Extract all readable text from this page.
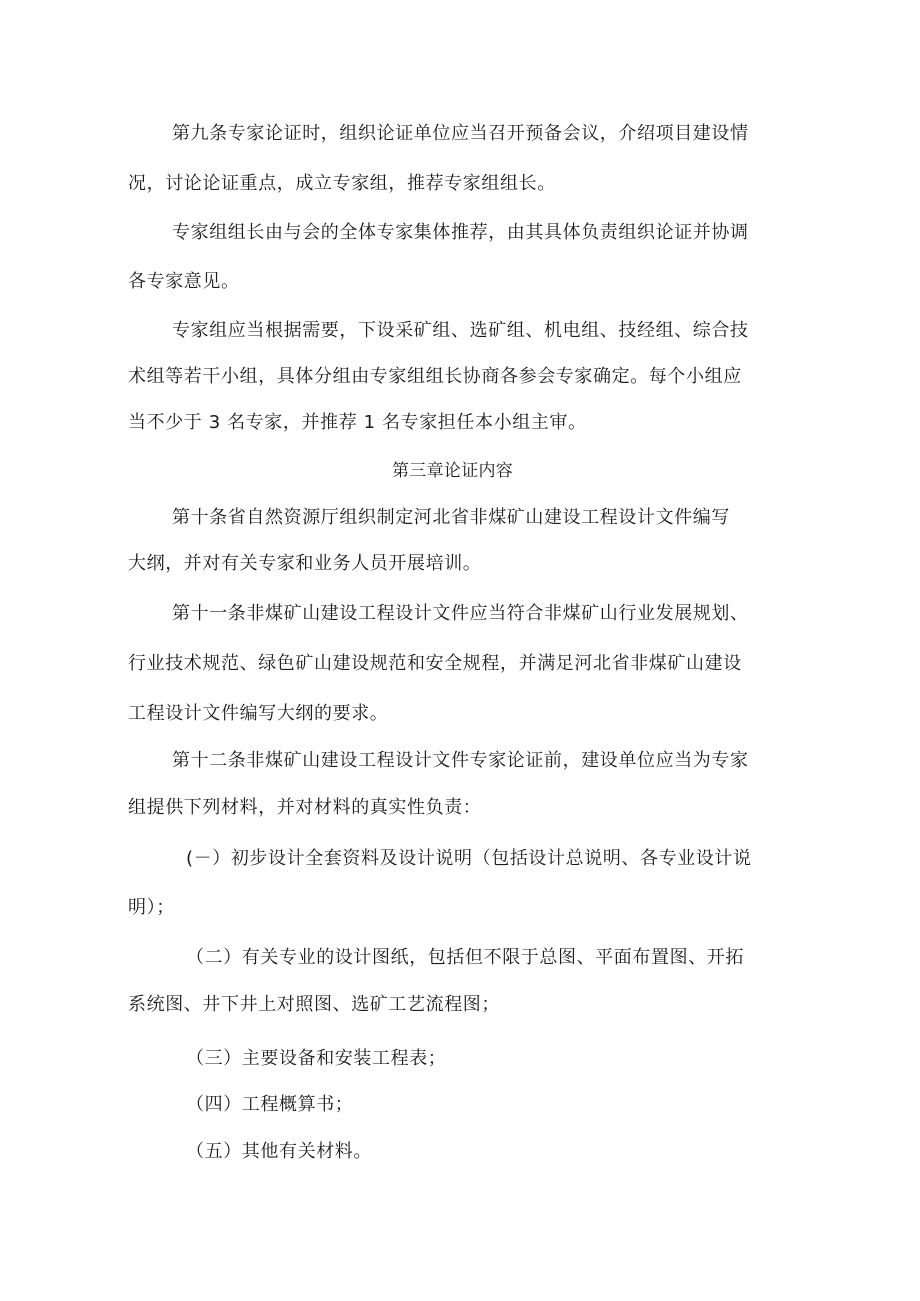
第九条专家论证时，组织论证单位应当召开预备会议，介绍项目建设情
况，讨论论证重点，成立专家组，推荐专家组组长。
专家组组长由与会的全体专家集体推荐，由其具体负责组织论证并协调
各专家意见。
专家组应当根据需要，下设采矿组、选矿组、机电组、技经组、综合技
术组等若干小组，具体分组由专家组组长协商各参会专家确定。每个小组应
当不少于 3 名专家，并推荐 1 名专家担任本小组主审。
第三章论证内容
第十条省自然资源厅组织制定河北省非煤矿山建设工程设计文件编写
大纲，并对有关专家和业务人员开展培训。
第十一条非煤矿山建设工程设计文件应当符合非煤矿山行业发展规划、
行业技术规范、绿色矿山建设规范和安全规程，并满足河北省非煤矿山建设
工程设计文件编写大纲的要求。
第十二条非煤矿山建设工程设计文件专家论证前，建设单位应当为专家
组提供下列材料，并对材料的真实性负责：
(－）初步设计全套资料及设计说明（包括设计总说明、各专业设计说
明）；
（二）有关专业的设计图纸，包括但不限于总图、平面布置图、开拓
系统图、井下井上对照图、选矿工艺流程图；
（三）主要设备和安装工程表；
（四）工程概算书；
（五）其他有关材料。
